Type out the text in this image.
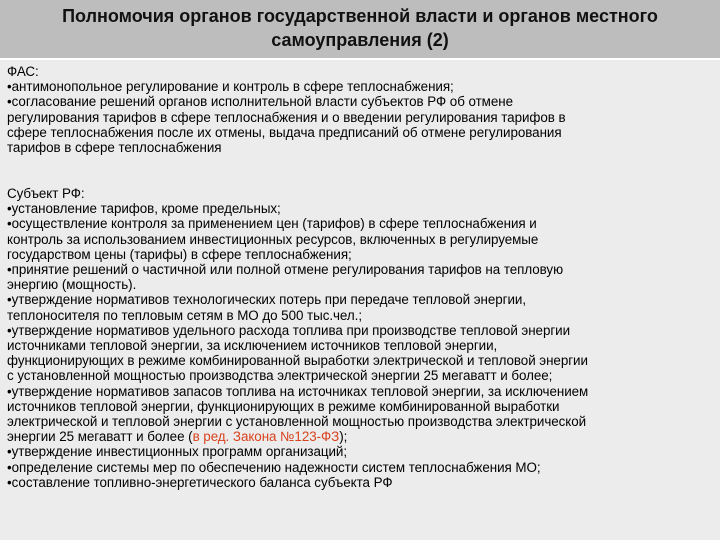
Полномочия органов государственной власти и органов местного
самоуправления (2)

ФАС:

•антимонопольное регулирование и контроль в сфере теплоснабжения;

•согласование решений органов исполнительной власти субъектов РФ об отмене

регулирования тарифов в сфере теплоснабжения и о введении регулирования тарифов в

сфере теплоснабжения после их отмены, выдача предписаний об отмене регулирования

тарифов в сфере теплоснабжения

Субъект РФ:

•установление тарифов, кроме предельных;

•осуществление контроля за применением цен (тарифов) в сфере теплоснабжения и

контроль за использованием инвестиционных ресурсов, включенных в регулируемые

государством цены (тарифы) в сфере теплоснабжения;

•принятие решений о частичной или полной отмене регулирования тарифов на тепловую

энергию (мощность).

•утверждение нормативов технологических потерь при передаче тепловой энергии,

теплоносителя по тепловым сетям в МО до 500 тыс.чел.;

•утверждение нормативов удельного расхода топлива при производстве тепловой энергии

источниками тепловой энергии, за исключением источников тепловой энергии,

функционирующих в режиме комбинированной выработки электрической и тепловой энергии

с установленной мощностью производства электрической энергии 25 мегаватт и более;

•утверждение нормативов запасов топлива на источниках тепловой энергии, за исключением

источников тепловой энергии, функционирующих в режиме комбинированной выработки

электрической и тепловой энергии с установленной мощностью производства электрической

энергии 25 мегаватт и более (в ред. Закона №123-ФЗ);

•утверждение инвестиционных программ организаций;

•определение системы мер по обеспечению надежности систем теплоснабжения МО;

•составление топливно-энергетического баланса субъекта РФ
